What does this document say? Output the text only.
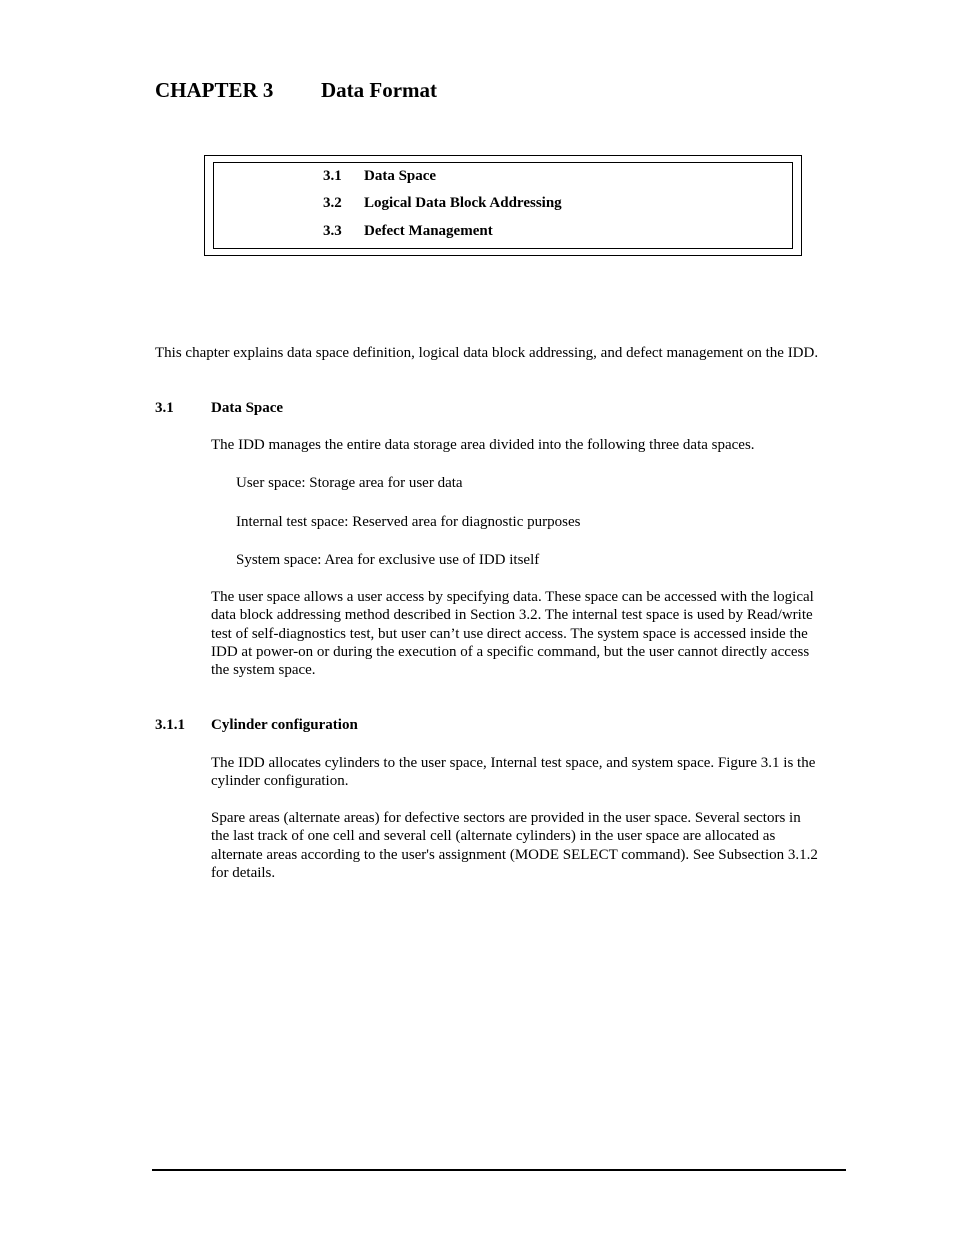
CHAPTER 3 Data Format
3.1 Data Space
3.2 Logical Data Block Addressing
3.3 Defect Management
This chapter explains data space definition, logical data block addressing, and defect management on the IDD.
3.1 Data Space
The IDD manages the entire data storage area divided into the following three data spaces.
User space: Storage area for user data
Internal test space: Reserved area for diagnostic purposes
System space: Area for exclusive use of IDD itself
The user space allows a user access by specifying data. These space can be accessed with the logical
data block addressing method described in Section 3.2. The internal test space is used by Read/write
test of self-diagnostics test, but user can’t use direct access. The system space is accessed inside the
IDD at power-on or during the execution of a specific command, but the user cannot directly access
the system space.
3.1.1 Cylinder configuration
The IDD allocates cylinders to the user space, Internal test space, and system space. Figure 3.1 is the
cylinder configuration.
Spare areas (alternate areas) for defective sectors are provided in the user space. Several sectors in
the last track of one cell and several cell (alternate cylinders) in the user space are allocated as
alternate areas according to the user's assignment (MODE SELECT command). See Subsection 3.1.2
for details.
